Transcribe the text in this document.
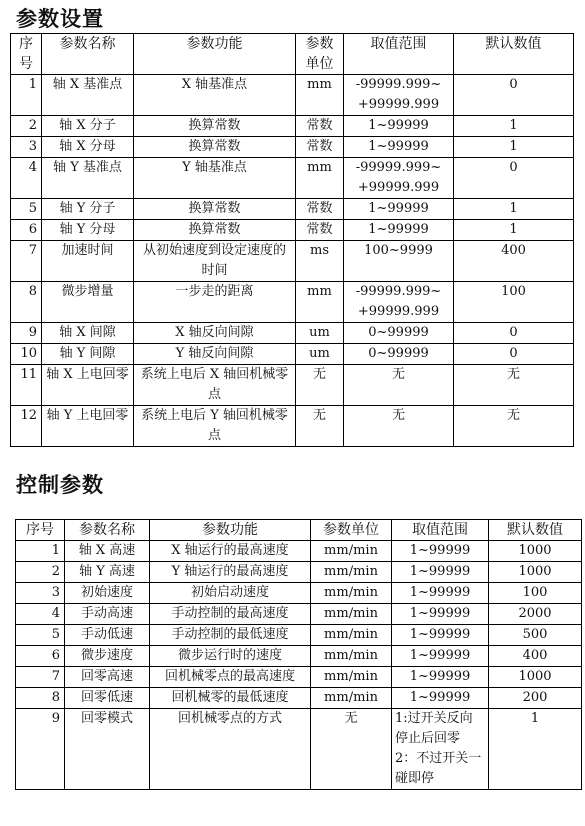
参数设置
序号	参数名称	参数功能	参数单位	取值范围	默认数值
1	轴 X 基准点	X 轴基准点	mm	-99999.999~ +99999.999	0
2	轴 X 分子	换算常数	常数	1~99999	1
3	轴 X 分母	换算常数	常数	1~99999	1
4	轴 Y 基准点	Y 轴基准点	mm	-99999.999~ +99999.999	0
5	轴 Y 分子	换算常数	常数	1~99999	1
6	轴 Y 分母	换算常数	常数	1~99999	1
7	加速时间	从初始速度到设定速度的时间	ms	100~9999	400
8	微步增量	一步走的距离	mm	-99999.999~ +99999.999	100
9	轴 X 间隙	X 轴反向间隙	um	0~99999	0
10	轴 Y 间隙	Y 轴反向间隙	um	0~99999	0
11	轴 X 上电回零	系统上电后 X 轴回机械零点	无	无	无
12	轴 Y 上电回零	系统上电后 Y 轴回机械零点	无	无	无
控制参数
序号	参数名称	参数功能	参数单位	取值范围	默认数值
1	轴 X 高速	X 轴运行的最高速度	mm/min	1~99999	1000
2	轴 Y 高速	Y 轴运行的最高速度	mm/min	1~99999	1000
3	初始速度	初始启动速度	mm/min	1~99999	100
4	手动高速	手动控制的最高速度	mm/min	1~99999	2000
5	手动低速	手动控制的最低速度	mm/min	1~99999	500
6	微步速度	微步运行时的速度	mm/min	1~99999	400
7	回零高速	回机械零点的最高速度	mm/min	1~99999	1000
8	回零低速	回机械零的最低速度	mm/min	1~99999	200
9	回零模式	回机械零点的方式	无	1:过开关反向停止后回零 2：不过开关一碰即停	1
